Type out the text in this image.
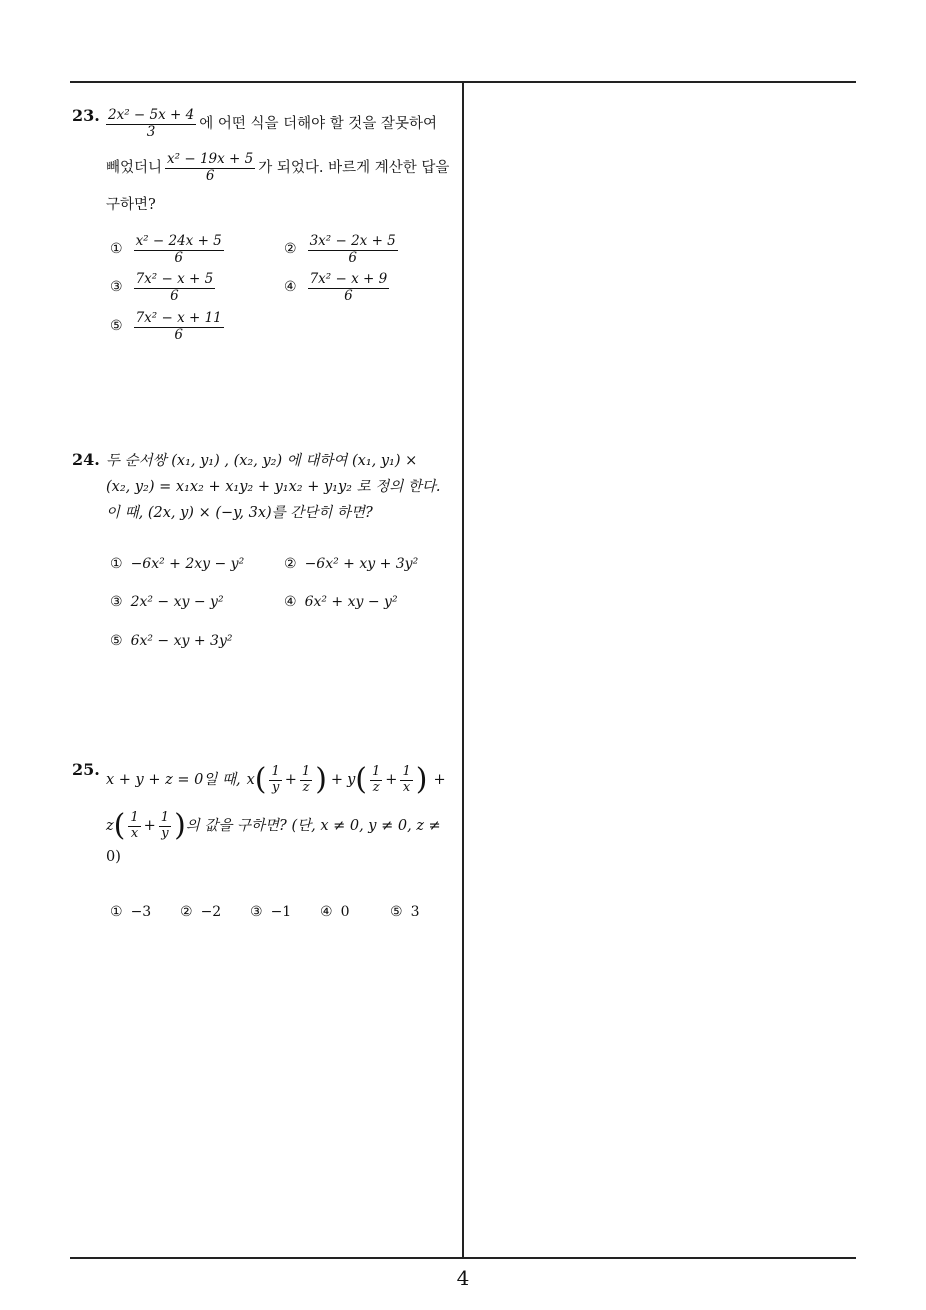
23. $\frac{\text{2x² − 5x + 4}}{3}$ 에 어떤 식을 더해야 할 것을 잘못하여
빼었더니 $\frac{\text{x² − 19x + 5}}{6}$ 가 되었다. 바르게 계산한 답을
구하면?
① $\frac{\text{x² − 24x + 5}}{6}$	② $\frac{\text{3x² − 2x + 5}}{6}$
③ $\frac{\text{7x² − x + 5}}{6}$	④ $\frac{\text{7x² − x + 9}}{6}$
⑤ $\frac{\text{7x² − x + 11}}{6}$
24. 두 순서쌍 (x₁, y₁) , (x₂, y₂) 에 대하여 (x₁, y₁) ×
(x₂, y₂) = x₁x₂ + x₁y₂ + y₁x₂ + y₁y₂ 로 정의 한다.
이 때, (2x, y) × (−y, 3x)를 간단히 하면?
① −6x² + 2xy − y²	② −6x² + xy + 3y²
③ 2x² − xy − y²	④ 6x² + xy − y²
⑤ 6x² − xy + 3y²
25.
x + y + z = 0일 때, x ( $\frac{1}{y} + \frac{1}{z}$ ) + y ( $\frac{1}{z} + \frac{1}{x}$ ) +
z ( $\frac{1}{x} + \frac{1}{y}$ ) 의 값을 구하면? (단, x ≠ 0, y ≠ 0, z ≠
0)
① −3 ② −2 ③ −1 ④ 0	⑤ 3
4
